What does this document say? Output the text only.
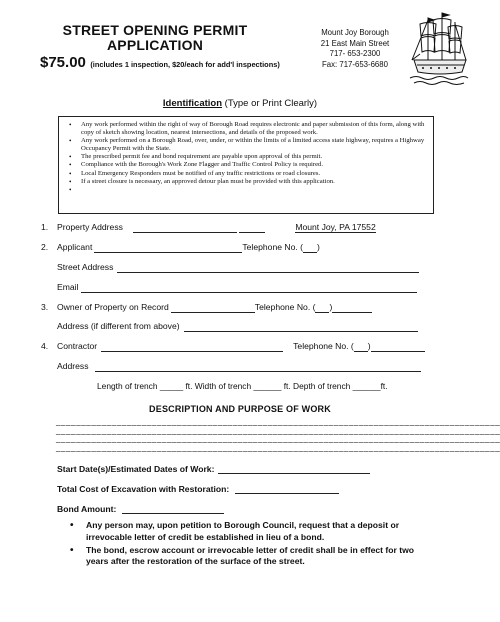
STREET OPENING PERMIT
APPLICATION
$75.00 (includes 1 inspection, $20/each for add'l inspections)
Mount Joy Borough
21 East Main Street
717- 653-2300
Fax: 717-653-6680
Identification (Type or Print Clearly)
• Any work performed within the right of way of Borough Road requires electronic and paper submission of this form, along with copy of sketch showing location, nearest intersections, and details of the proposed work.
• Any work performed on a Borough Road, over, under, or within the limits of a limited access state highway, requires a Highway Occupancy Permit with the State.
• The prescribed permit fee and bond requirement are payable upon approval of this permit.
• Compliance with the Borough's Work Zone Flagger and Traffic Control Policy is required.
• Local Emergency Responders must be notified of any traffic restrictions or road closures.
• If a street closure is necessary, an approved detour plan must be provided with this application.
1. Property Address	Mount Joy, PA 17552
2. Applicant	Telephone No. ( )
Street Address
Email
3. Owner of Property on Record	Telephone No. ( )
Address (if different from above)
4. Contractor	Telephone No. ( )
Address
Length of trench _____ ft. Width of trench ______ ft. Depth of trench ______ft.
DESCRIPTION AND PURPOSE OF WORK
________________________________________________________________________________________
________________________________________________________________________________________
________________________________________________________________________________________
________________________________________________________________________________________
Start Date(s)/Estimated Dates of Work:
Total Cost of Excavation with Restoration:
Bond Amount:
• Any person may, upon petition to Borough Council, request that a deposit or irrevocable letter of credit be established in lieu of a bond.
• The bond, escrow account or irrevocable letter of credit shall be in effect for two years after the restoration of the surface of the street.
